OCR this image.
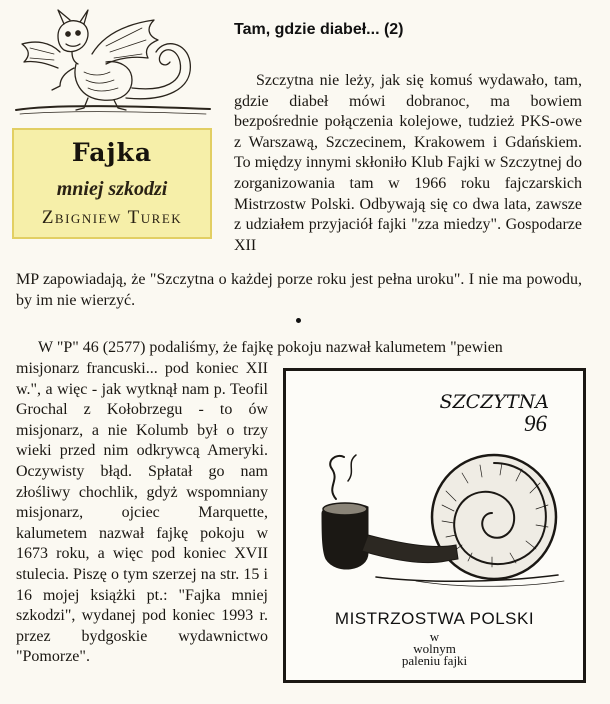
Fajka
mniej szkodzi
Zbigniew Turek
Tam, gdzie diabeł... (2)
Szczytna nie leży, jak się komuś wydawało, tam, gdzie diabeł mówi dobranoc, ma bowiem bezpośrednie połączenia kolejowe, tudzież PKS-owe z Warszawą, Szczecinem, Krakowem i Gdańskiem. To między innymi skłoniło Klub Fajki w Szczytnej do zorganizowania tam w 1966 roku fajczarskich Mistrzostw Polski. Odbywają się co dwa lata, zawsze z udziałem przyjaciół fajki "zza miedzy". Gospodarze XII
MP zapowiadają, że "Szczytna o każdej porze roku jest pełna uroku". I nie ma powodu, by im nie wierzyć.
W "P" 46 (2577) podaliśmy, że fajkę pokoju nazwał kalumetem "pewien
misjonarz francuski... pod koniec XII w.", a więc - jak wytknął nam p. Teofil Grochal z Kołobrzegu - to ów misjonarz, a nie Kolumb był o trzy wieki przed nim odkrywcą Ameryki. Oczywisty błąd. Spłatał go nam złośliwy chochlik, gdyż wspomniany misjonarz, ojciec Marquette, kalumetem nazwał fajkę pokoju w 1673 roku, a więc pod koniec XVII stulecia. Piszę o tym szerzej na str. 15 i 16 mojej książki pt.: "Fajka mniej szkodzi", wydanej pod koniec 1993 r. przez bydgoskie wydawnictwo "Pomorze".
SZCZYTNA
96
MISTRZOSTWA POLSKI
w
wolnym
paleniu fajki
